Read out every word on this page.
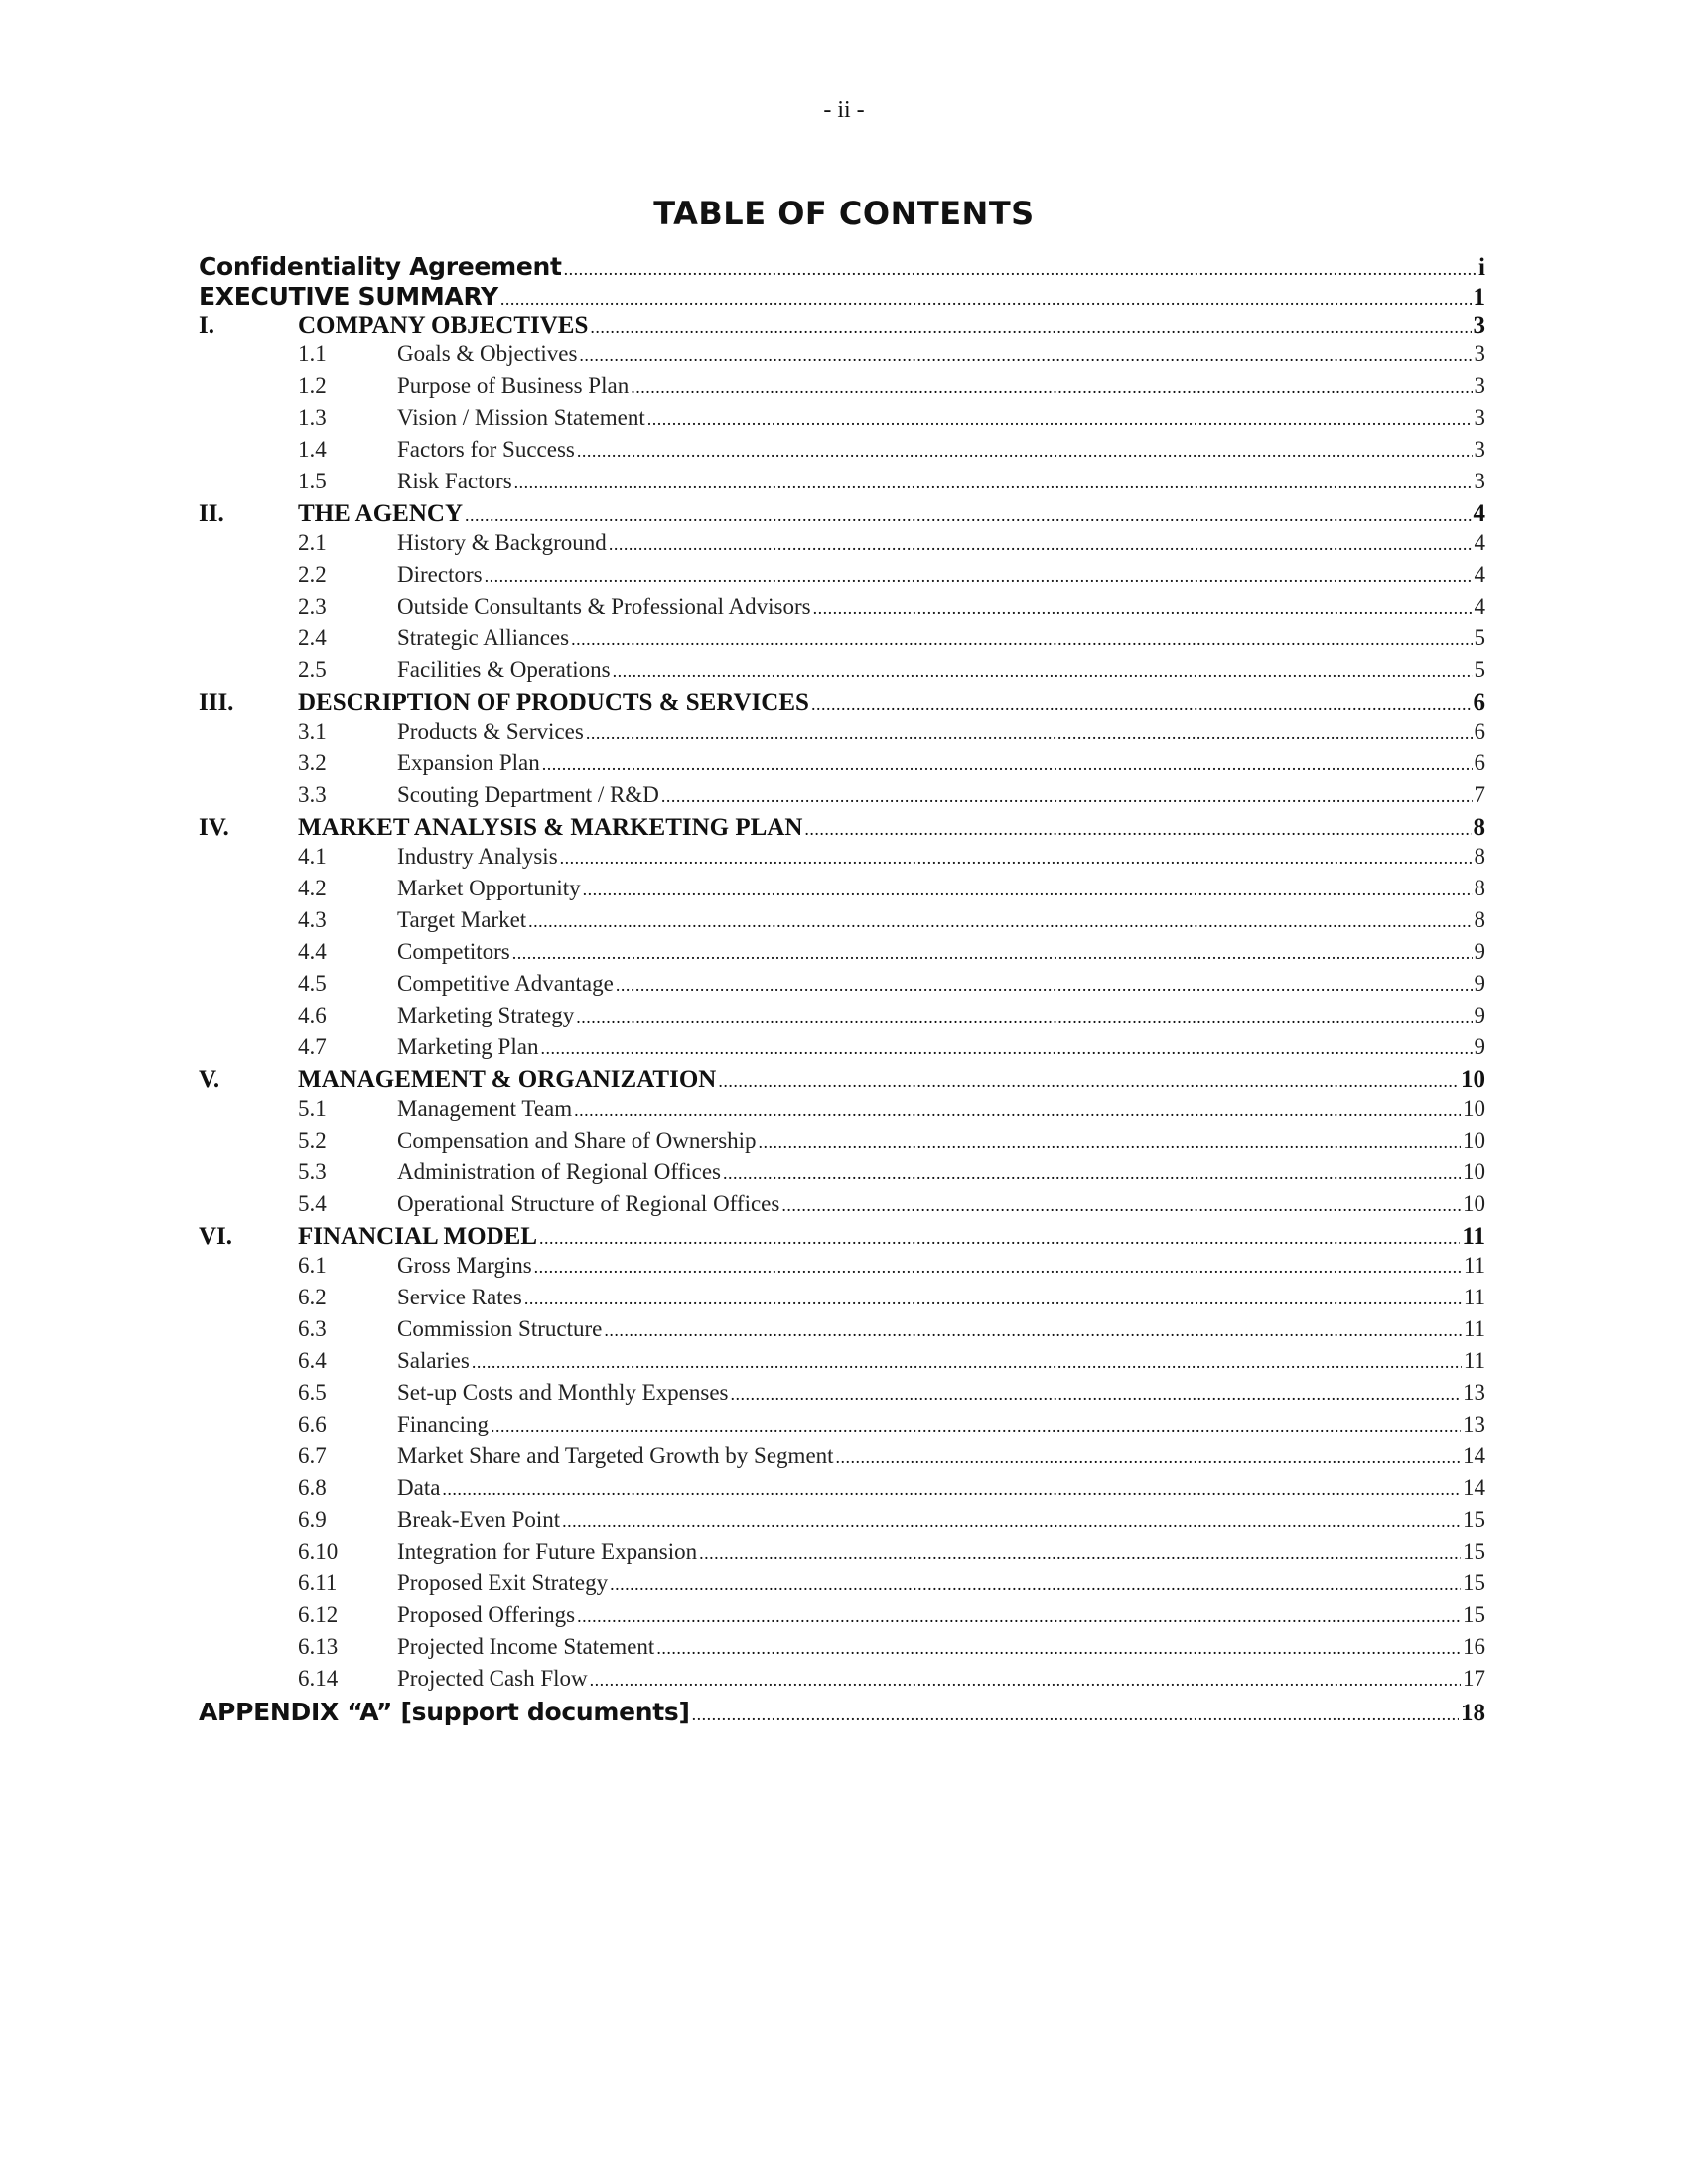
- ii -
TABLE OF CONTENTS
Confidentiality Agreement . . .	i
EXECUTIVE SUMMARY . . .	1
I.	COMPANY OBJECTIVES . . .	3
1.1	Goals & Objectives . . .	3
1.2	Purpose of Business Plan . . .	3
1.3	Vision / Mission Statement . . .	3
1.4	Factors for Success . . .	3
1.5	Risk Factors . . .	3
II.	THE AGENCY . . .	4
2.1	History & Background . . .	4
2.2	Directors . . .	4
2.3	Outside Consultants & Professional Advisors . . .	4
2.4	Strategic Alliances . . .	5
2.5	Facilities & Operations . . .	5
III.	DESCRIPTION OF PRODUCTS & SERVICES . . .	6
3.1	Products & Services . . .	6
3.2	Expansion Plan . . .	6
3.3	Scouting Department / R&D . . .	7
IV.	MARKET ANALYSIS & MARKETING PLAN . . .	8
4.1	Industry Analysis . . .	8
4.2	Market Opportunity . . .	8
4.3	Target Market . . .	8
4.4	Competitors . . .	9
4.5	Competitive Advantage . . .	9
4.6	Marketing Strategy . . .	9
4.7	Marketing Plan . . .	9
V.	MANAGEMENT & ORGANIZATION . . .	10
5.1	Management Team . . .	10
5.2	Compensation and Share of Ownership . . .	10
5.3	Administration of Regional Offices . . .	10
5.4	Operational Structure of Regional Offices . . .	10
VI.	FINANCIAL MODEL . . .	11
6.1	Gross Margins . . .	11
6.2	Service Rates . . .	11
6.3	Commission Structure . . .	11
6.4	Salaries . . .	11
6.5	Set-up Costs and Monthly Expenses . . .	13
6.6	Financing . . .	13
6.7	Market Share and Targeted Growth by Segment . . .	14
6.8	Data . . .	14
6.9	Break-Even Point . . .	15
6.10	Integration for Future Expansion . . .	15
6.11	Proposed Exit Strategy . . .	15
6.12	Proposed Offerings . . .	15
6.13	Projected Income Statement . . .	16
6.14	Projected Cash Flow . . .	17
APPENDIX “A” [support documents] . . .	18
